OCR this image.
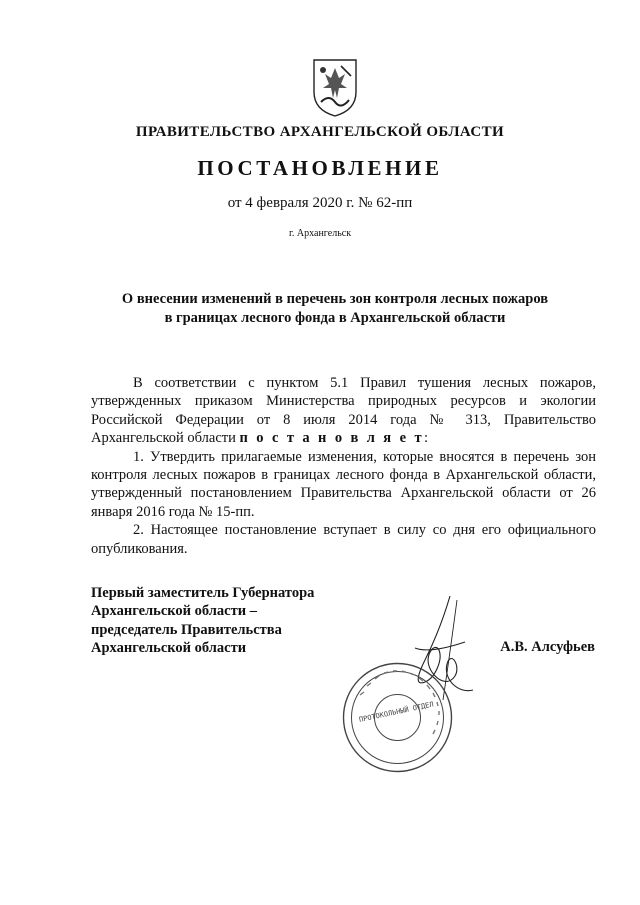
ПРАВИТЕЛЬСТВО АРХАНГЕЛЬСКОЙ ОБЛАСТИ
ПОСТАНОВЛЕНИЕ
от 4 февраля 2020 г. № 62-пп
г. Архангельск
О внесении изменений в перечень зон контроля лесных пожаров
в границах лесного фонда в Архангельской области

В соответствии с пунктом 5.1 Правил тушения лесных пожаров, утвержденных приказом Министерства природных ресурсов и экологии Российской Федерации от 8 июля 2014 года № 313, Правительство Архангельской области п о с т а н о в л я е т:

1. Утвердить прилагаемые изменения, которые вносятся в перечень зон контроля лесных пожаров в границах лесного фонда в Архангельской области, утвержденный постановлением Правительства Архангельской области от 26 января 2016 года № 15-пп.

2. Настоящее постановление вступает в силу со дня его официального опубликования.

Первый заместитель Губернатора
Архангельской области –
председатель Правительства
Архангельской области	А.В. Алсуфьев
ПРОТОКОЛЬНЫЙ ОТДЕЛ
